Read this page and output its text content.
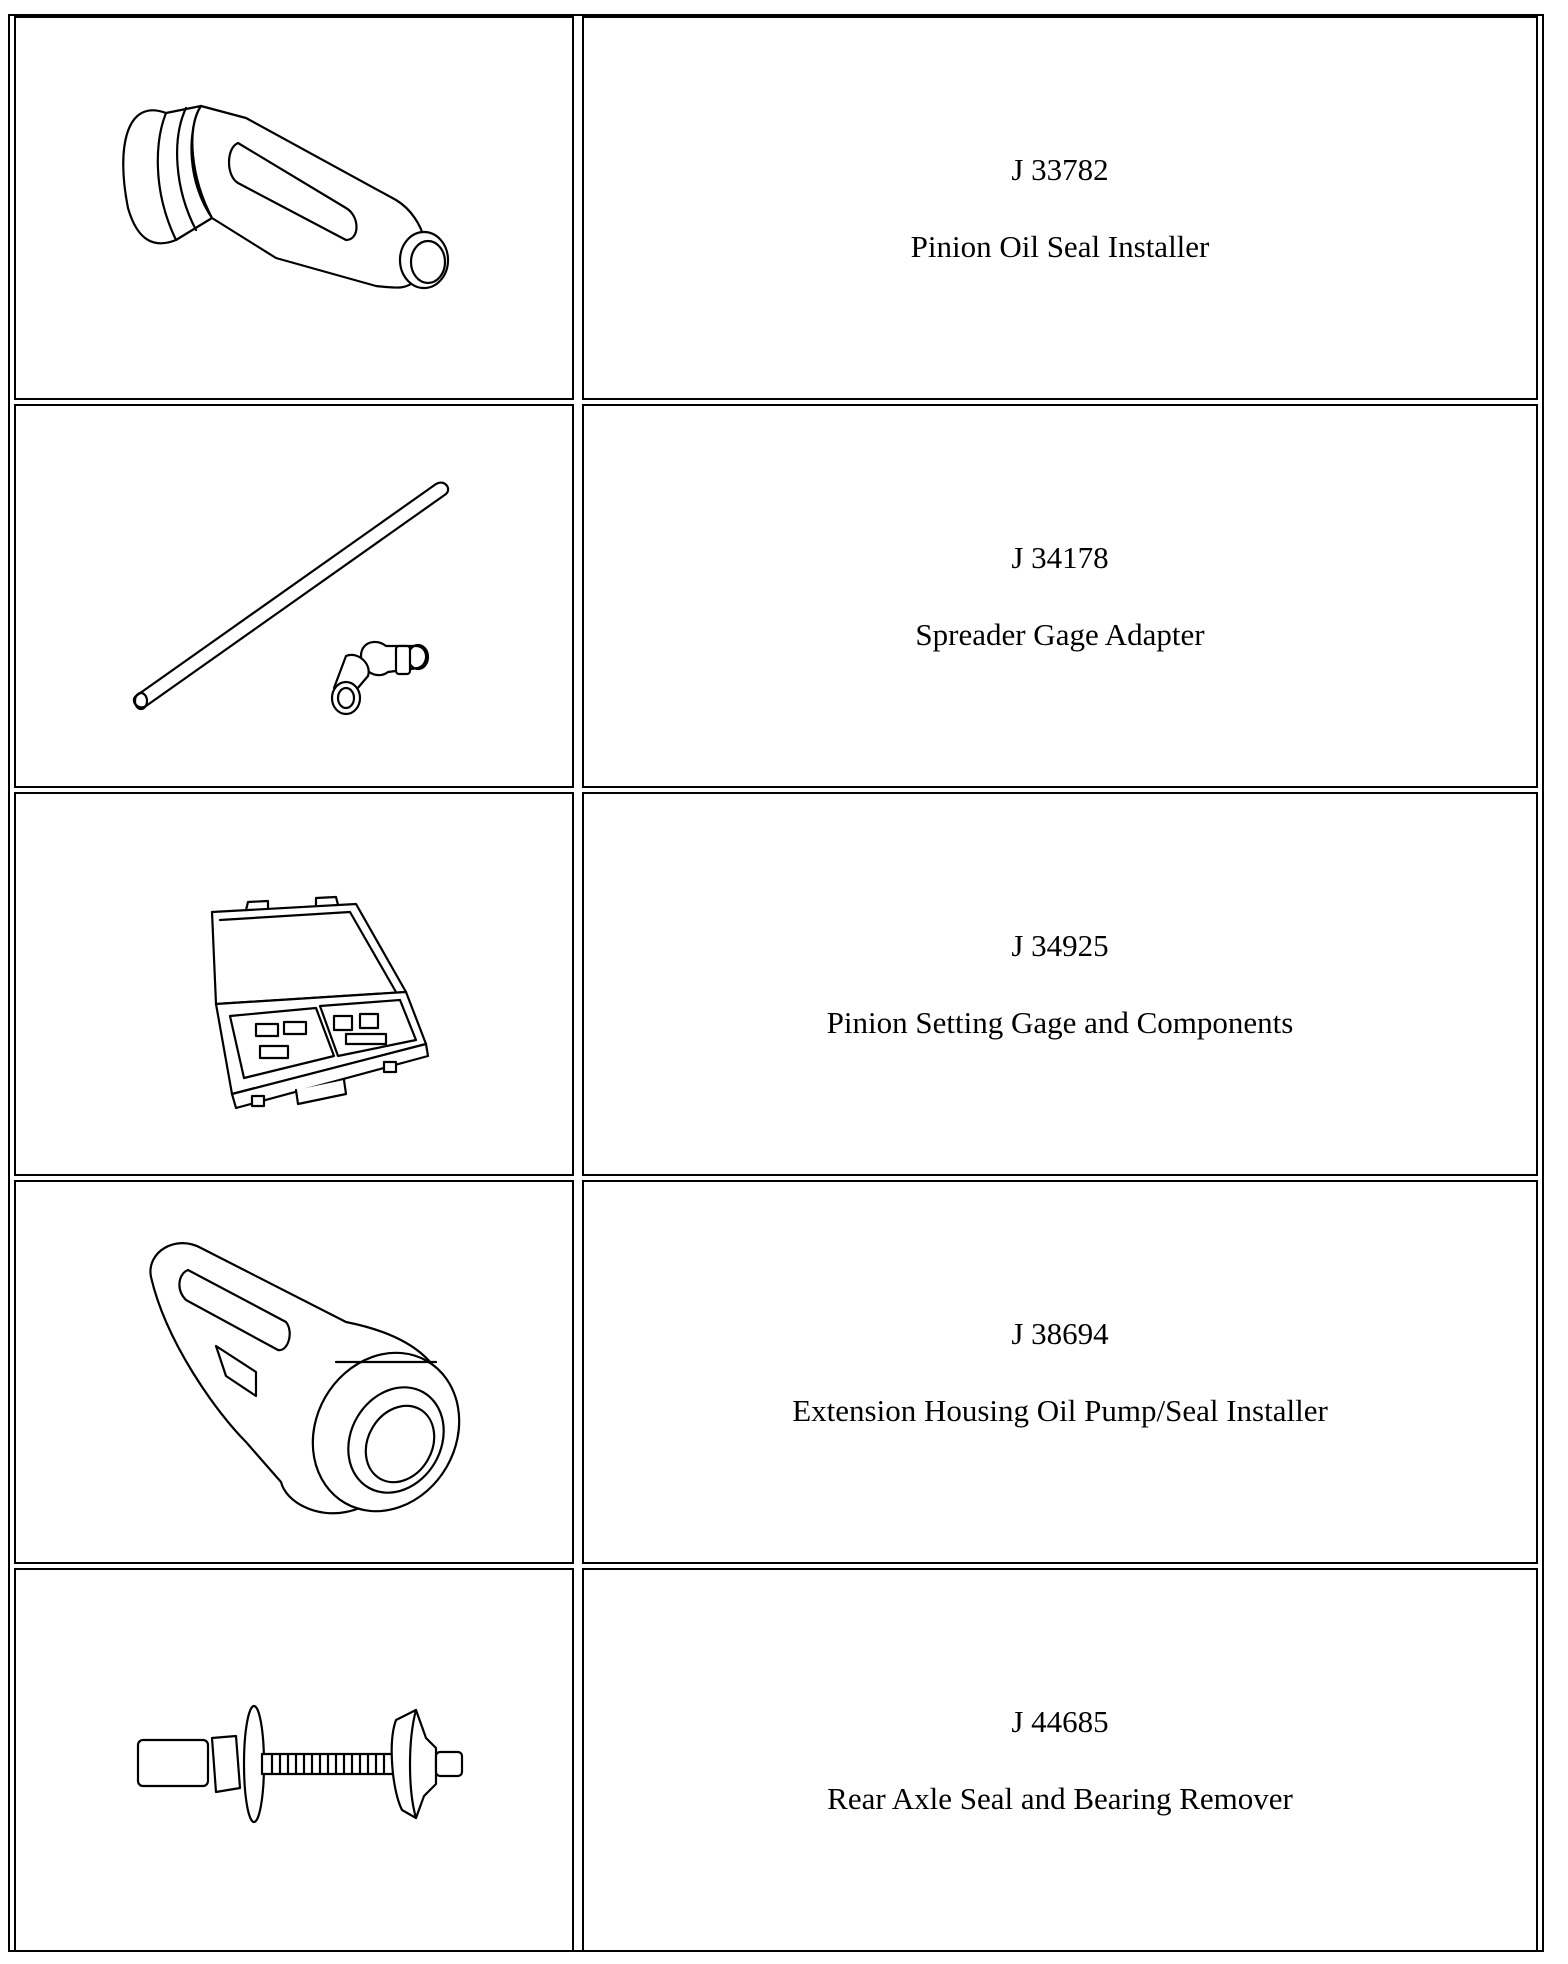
J 33782
Pinion Oil Seal Installer
J 34178
Spreader Gage Adapter
J 34925
Pinion Setting Gage and Components
J 38694
Extension Housing Oil Pump/Seal Installer
J 44685
Rear Axle Seal and Bearing Remover
